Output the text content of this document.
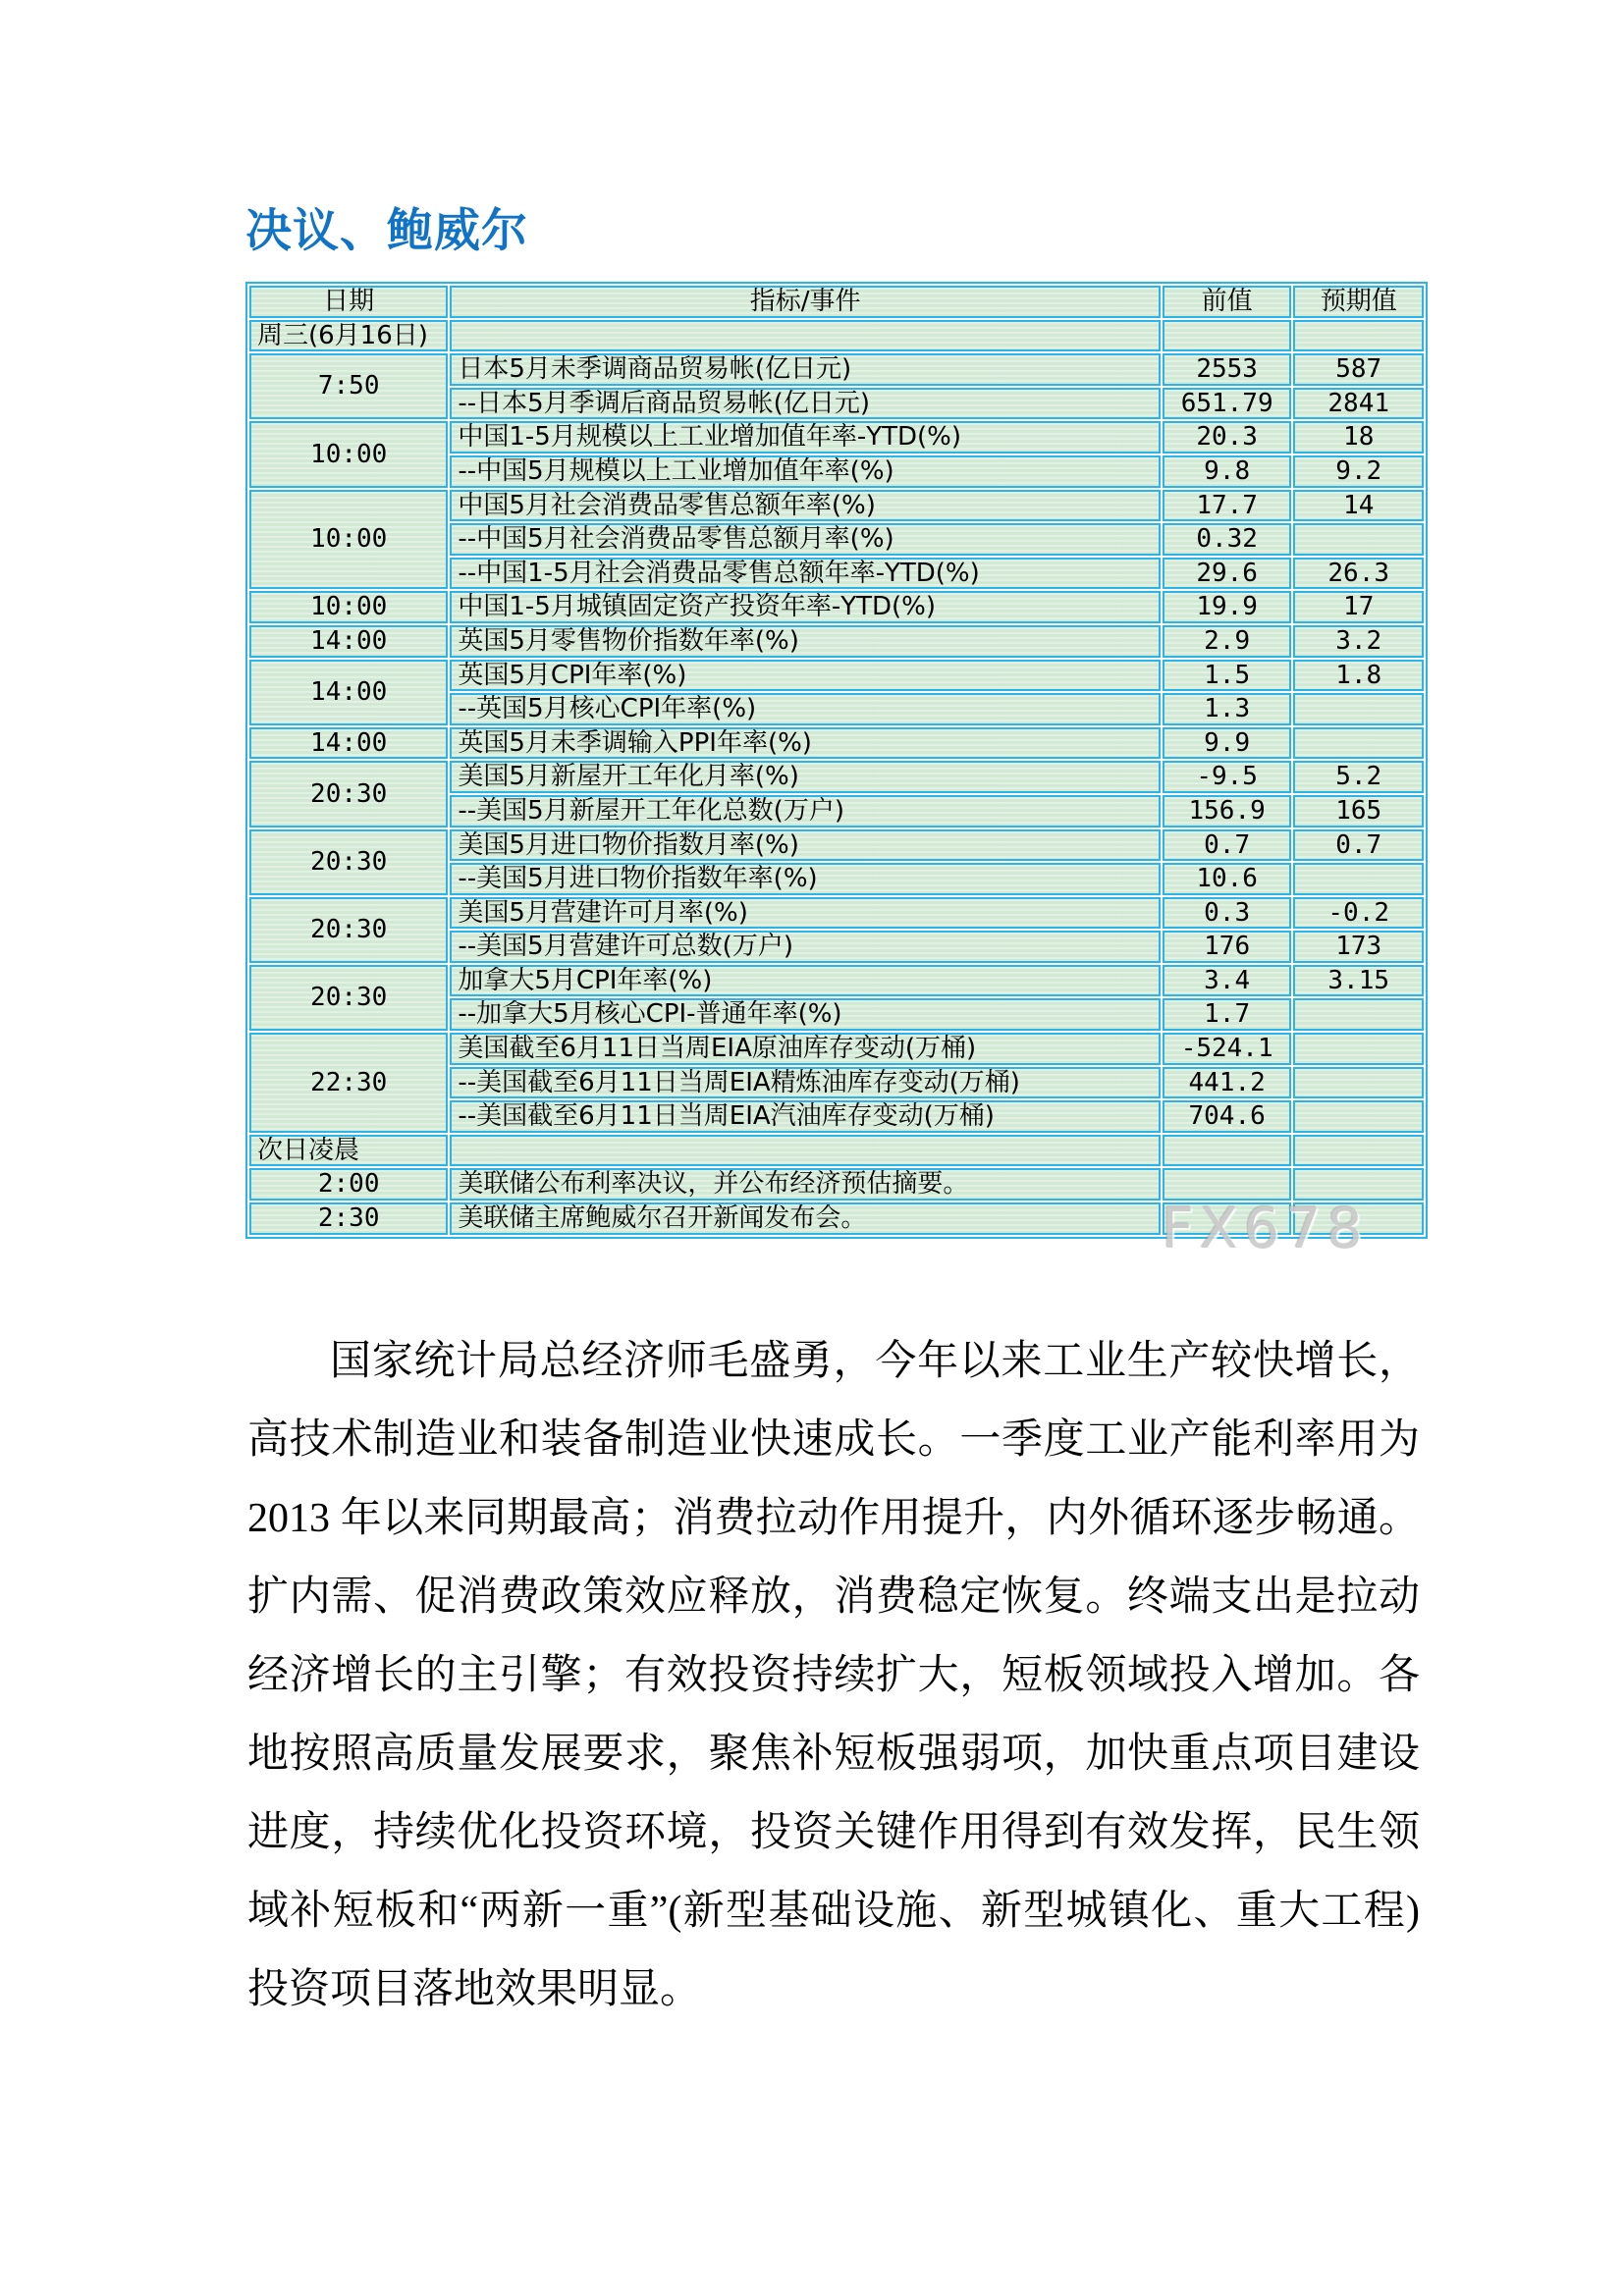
决议、鲍威尔
日期	指标/事件	前值	预期值
周三(6月16日)			
7:50	日本5月未季调商品贸易帐(亿日元)	2553	587
	--日本5月季调后商品贸易帐(亿日元)	651.79	2841
10:00	中国1-5月规模以上工业增加值年率-YTD(%)	20.3	18
	--中国5月规模以上工业增加值年率(%)	9.8	9.2
10:00	中国5月社会消费品零售总额年率(%)	17.7	14
	--中国5月社会消费品零售总额月率(%)	0.32	
	--中国1-5月社会消费品零售总额年率-YTD(%)	29.6	26.3
10:00	中国1-5月城镇固定资产投资年率-YTD(%)	19.9	17
14:00	英国5月零售物价指数年率(%)	2.9	3.2
14:00	英国5月CPI年率(%)	1.5	1.8
	--英国5月核心CPI年率(%)	1.3	
14:00	英国5月未季调输入PPI年率(%)	9.9	
20:30	美国5月新屋开工年化月率(%)	-9.5	5.2
	--美国5月新屋开工年化总数(万户)	156.9	165
20:30	美国5月进口物价指数月率(%)	0.7	0.7
	--美国5月进口物价指数年率(%)	10.6	
20:30	美国5月营建许可月率(%)	0.3	-0.2
	--美国5月营建许可总数(万户)	176	173
20:30	加拿大5月CPI年率(%)	3.4	3.15
	--加拿大5月核心CPI-普通年率(%)	1.7	
22:30	美国截至6月11日当周EIA原油库存变动(万桶)	-524.1	
	--美国截至6月11日当周EIA精炼油库存变动(万桶)	441.2	
	--美国截至6月11日当周EIA汽油库存变动(万桶)	704.6	
次日凌晨			
2:00	美联储公布利率决议，并公布经济预估摘要。		
2:30	美联储主席鲍威尔召开新闻发布会。			FX678

国家统计局总经济师毛盛勇，今年以来工业生产较快增长，高技术制造业和装备制造业快速成长。一季度工业产能利率用为 2013 年以来同期最高；消费拉动作用提升，内外循环逐步畅通。扩内需、促消费政策效应释放，消费稳定恢复。终端支出是拉动经济增长的主引擎；有效投资持续扩大，短板领域投入增加。各地按照高质量发展要求，聚焦补短板强弱项，加快重点项目建设进度，持续优化投资环境，投资关键作用得到有效发挥，民生领域补短板和“两新一重”(新型基础设施、新型城镇化、重大工程)投资项目落地效果明显。
